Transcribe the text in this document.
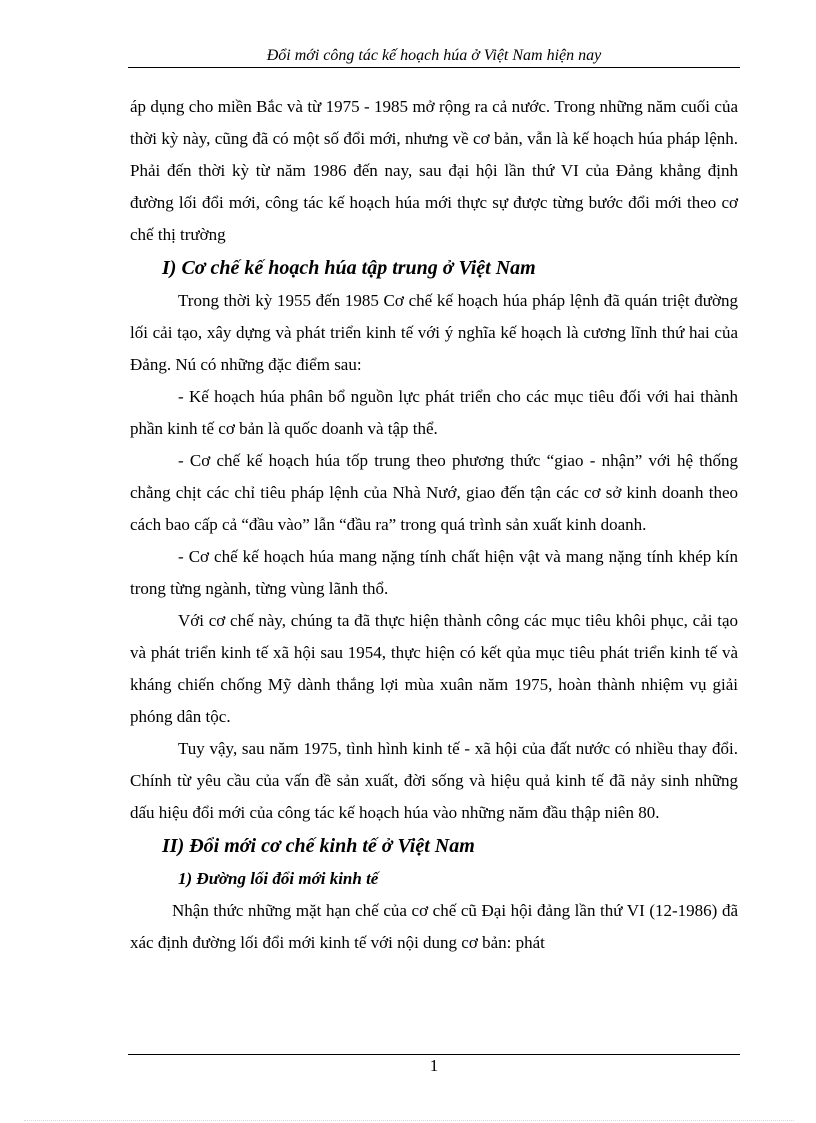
Đổi mới công tác kế hoạch húa ở Việt Nam hiện nay

áp dụng cho miền Bắc và từ 1975 - 1985 mở rộng ra cả nước. Trong những năm cuối của thời kỳ này, cũng đã có một số đổi mới, nhưng về cơ bản, vẫn là kế hoạch húa pháp lệnh. Phải đến thời kỳ từ năm 1986 đến nay, sau đại hội lần thứ VI của Đảng khẳng định đường lối đổi mới, công tác kế hoạch húa mới thực sự được từng bước đổi mới theo cơ chế thị trường

I) Cơ chế kế hoạch húa tập trung ở Việt Nam

Trong thời kỳ 1955 đến 1985 Cơ chế kế hoạch húa pháp lệnh đã quán triệt đường lối cải tạo, xây dựng và phát triển kinh tế với ý nghĩa kế hoạch là cương lĩnh thứ hai của Đảng. Nú có những đặc điểm sau:

- Kế hoạch húa phân bổ nguồn lực phát triển cho các mục tiêu đối với hai thành phần kinh tế cơ bản là quốc doanh và tập thể.

- Cơ chế kế hoạch húa tốp trung theo phương thức “giao - nhận” với hệ thống chằng chịt các chỉ tiêu pháp lệnh của Nhà Nướ, giao đến tận các cơ sở kinh doanh theo cách bao cấp cả “đầu vào” lẫn “đầu ra” trong quá trình sản xuất kinh doanh.

- Cơ chế kế hoạch húa mang nặng tính chất hiện vật và mang nặng tính khép kín trong từng ngành, từng vùng lãnh thổ.

Với cơ chế này, chúng ta đã thực hiện thành công các mục tiêu khôi phục, cải tạo và phát triển kinh tế xã hội sau 1954, thực hiện có kết qủa mục tiêu phát triển kinh tế và kháng chiến chống Mỹ dành thắng lợi mùa xuân năm 1975, hoàn thành nhiệm vụ giải phóng dân tộc.

Tuy vậy, sau năm 1975, tình hình kinh tế - xã hội của đất nước có nhiều thay đổi. Chính từ yêu cầu của vấn đề sản xuất, đời sống và hiệu quả kinh tế đã nảy sinh những dấu hiệu đổi mới của công tác kế hoạch húa vào những năm đầu thập niên 80.

II) Đổi mới cơ chế kinh tế ở Việt Nam

1) Đường lối đổi mới kinh tế

Nhận thức những mặt hạn chế của cơ chế cũ Đại hội đảng lần thứ VI (12-1986) đã xác định đường lối đổi mới kinh tế với nội dung cơ bản: phát

1
